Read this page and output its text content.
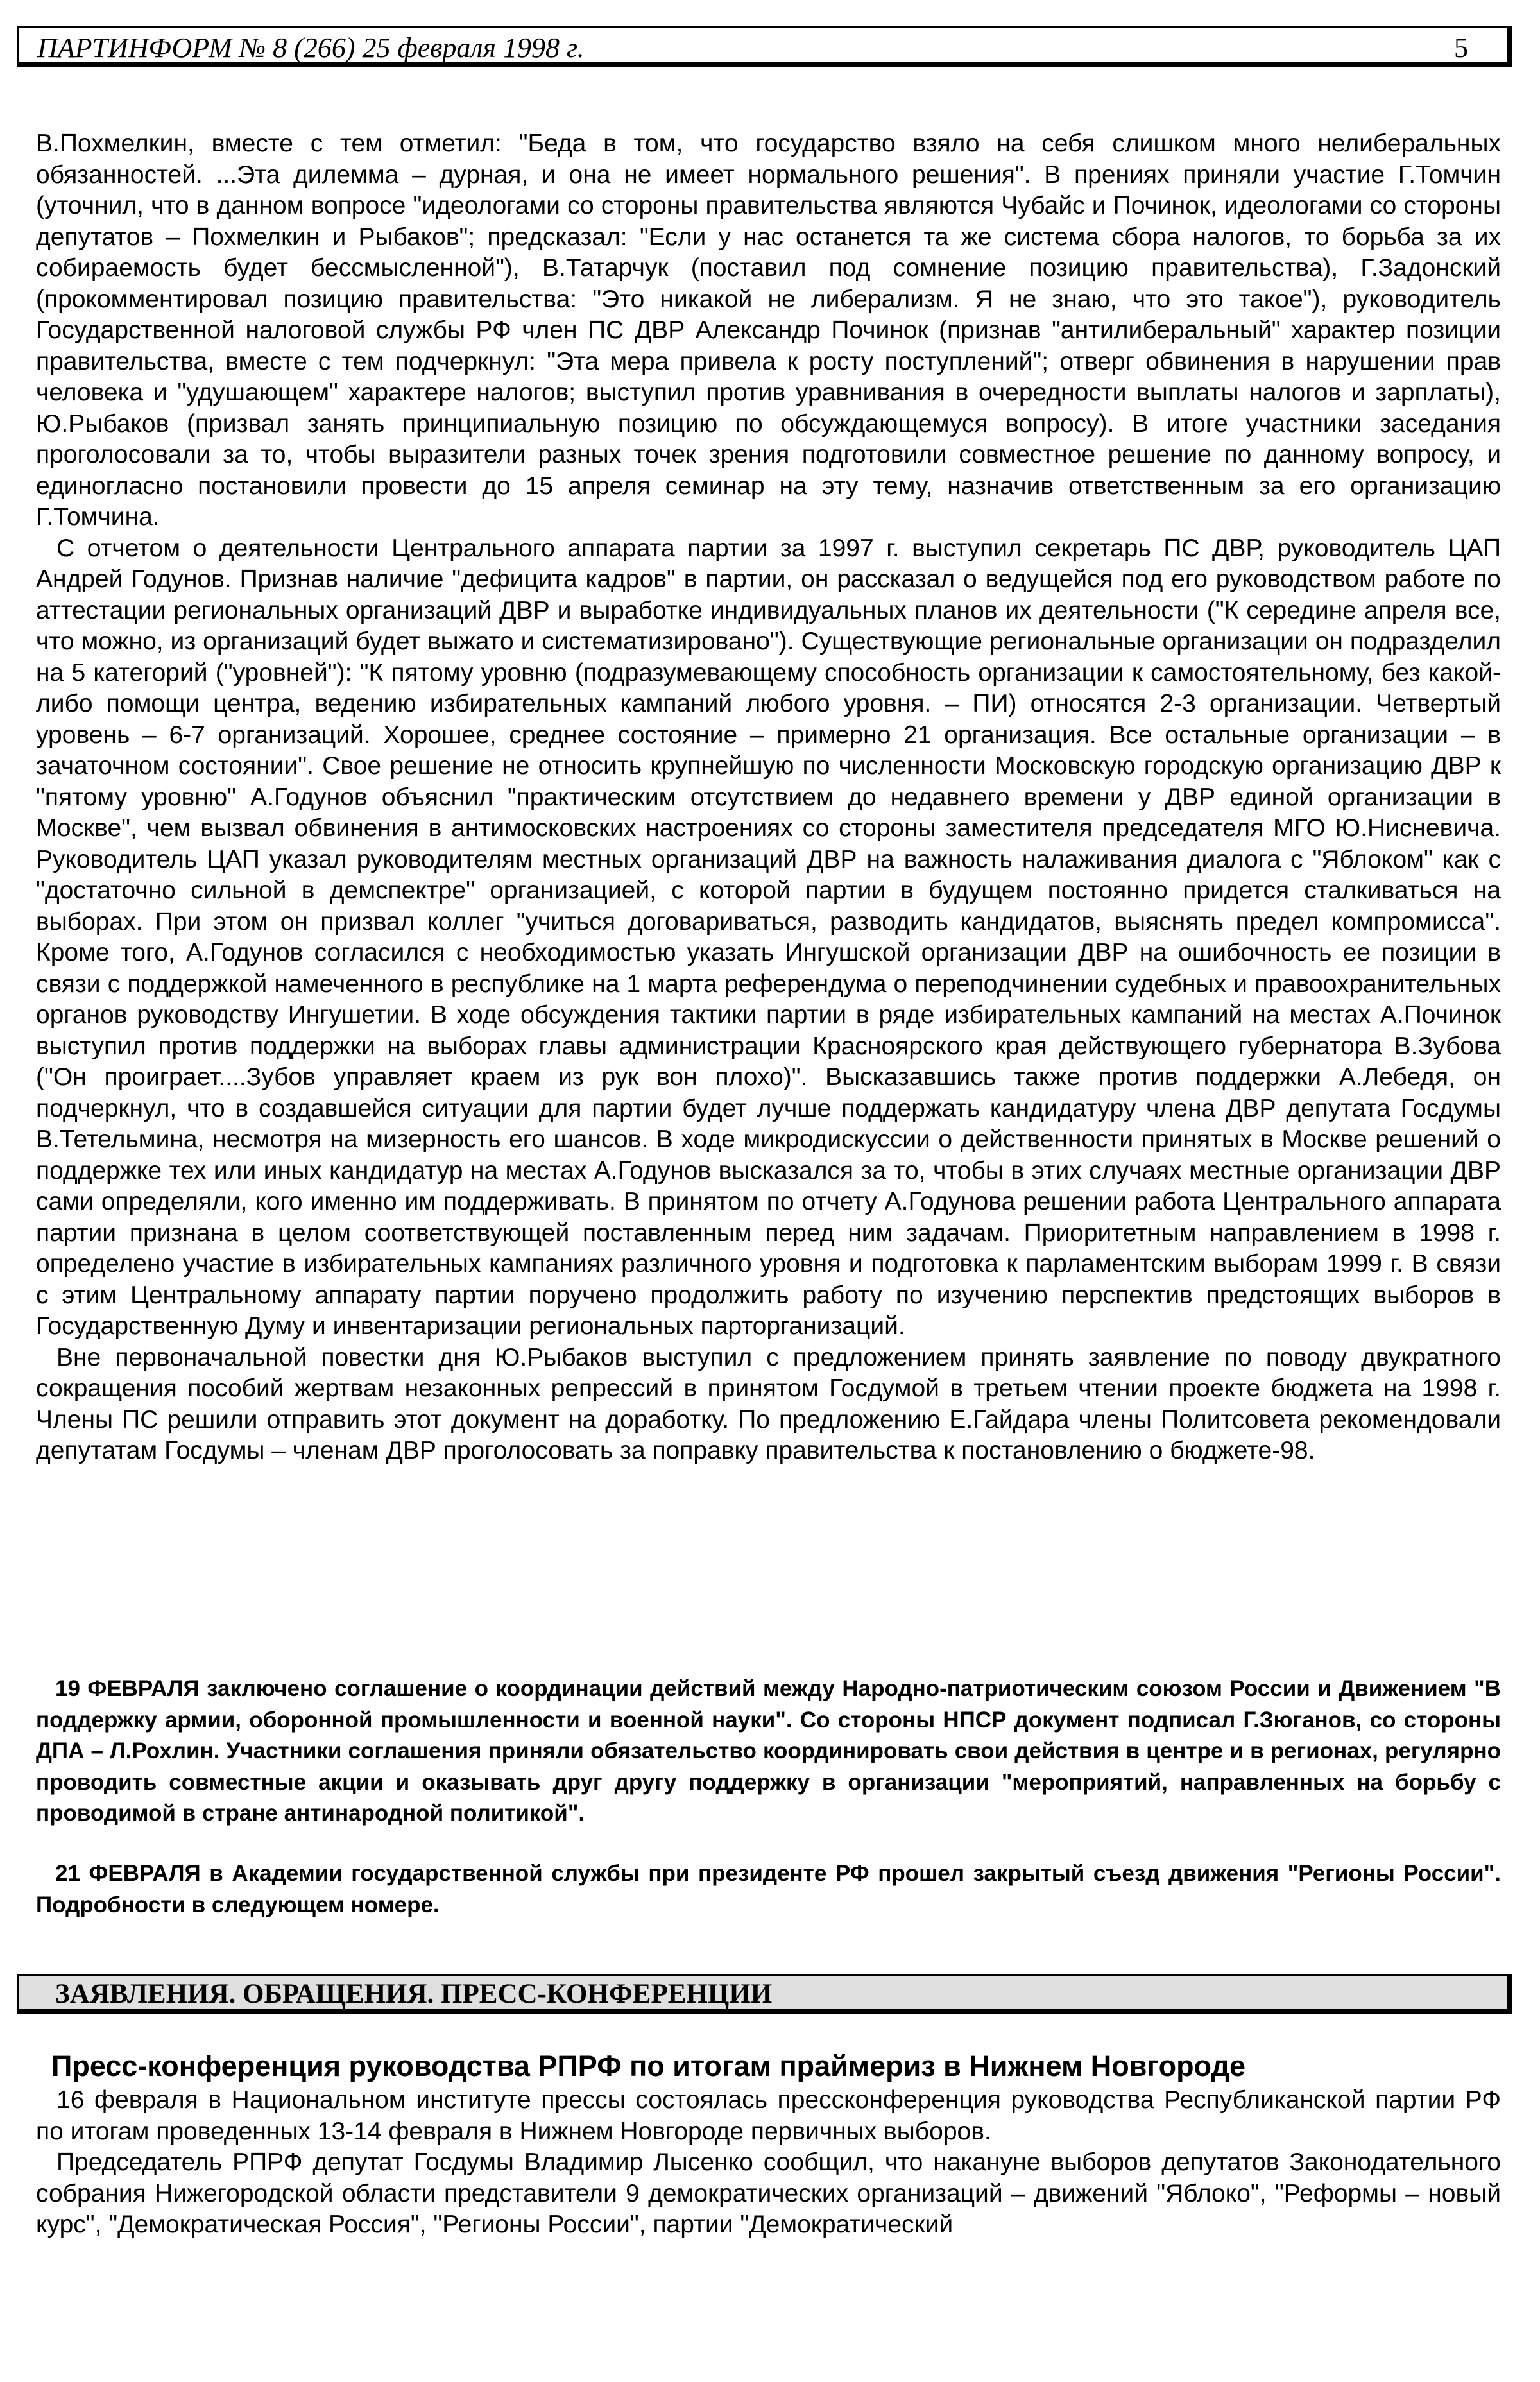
ПАРТИНФОРМ № 8 (266) 25 февраля 1998 г.	5

В.Похмелкин, вместе с тем отметил: "Беда в том, что государство взяло на себя слишком много нелиберальных обязанностей. ...Эта дилемма – дурная, и она не имеет нормального решения". В прениях приняли участие Г.Томчин (уточнил, что в данном вопросе "идеологами со стороны правительства являются Чубайс и Починок, идеологами со стороны депутатов – Похмелкин и Рыбаков"; предсказал: "Если у нас останется та же система сбора налогов, то борьба за их собираемость будет бессмысленной"), В.Татарчук (поставил под сомнение позицию правительства), Г.Задонский (прокомментировал позицию правительства: "Это никакой не либерализм. Я не знаю, что это такое"), руководитель Государственной налоговой службы РФ член ПС ДВР Александр Починок (признав "антилиберальный" характер позиции правительства, вместе с тем подчеркнул: "Эта мера привела к росту поступлений"; отверг обвинения в нарушении прав человека и "удушающем" характере налогов; выступил против уравнивания в очередности выплаты налогов и зарплаты), Ю.Рыбаков (призвал занять принципиальную позицию по обсуждающемуся вопросу). В итоге участники заседания проголосовали за то, чтобы выразители разных точек зрения подготовили совместное решение по данному вопросу, и единогласно постановили провести до 15 апреля семинар на эту тему, назначив ответственным за его организацию Г.Томчина.

С отчетом о деятельности Центрального аппарата партии за 1997 г. выступил секретарь ПС ДВР, руководитель ЦАП Андрей Годунов. Признав наличие "дефицита кадров" в партии, он рассказал о ведущейся под его руководством работе по аттестации региональных организаций ДВР и выработке индивидуальных планов их деятельности ("К середине апреля все, что можно, из организаций будет выжато и систематизировано"). Существующие региональные организации он подразделил на 5 категорий ("уровней"): "К пятому уровню (подразумевающему способность организации к самостоятельному, без какой-либо помощи центра, ведению избирательных кампаний любого уровня. – ПИ) относятся 2-3 организации. Четвертый уровень – 6-7 организаций. Хорошее, среднее состояние – примерно 21 организация. Все остальные организации – в зачаточном состоянии". Свое решение не относить крупнейшую по численности Московскую городскую организацию ДВР к "пятому уровню" А.Годунов объяснил "практическим отсутствием до недавнего времени у ДВР единой организации в Москве", чем вызвал обвинения в антимосковских настроениях со стороны заместителя председателя МГО Ю.Нисневича. Руководитель ЦАП указал руководителям местных организаций ДВР на важность налаживания диалога с "Яблоком" как с "достаточно сильной в демспектре" организацией, с которой партии в будущем постоянно придется сталкиваться на выборах. При этом он призвал коллег "учиться договариваться, разводить кандидатов, выяснять предел компромисса". Кроме того, А.Годунов согласился с необходимостью указать Ингушской организации ДВР на ошибочность ее позиции в связи с поддержкой намеченного в республике на 1 марта референдума о переподчинении судебных и правоохранительных органов руководству Ингушетии. В ходе обсуждения тактики партии в ряде избирательных кампаний на местах А.Починок выступил против поддержки на выборах главы администрации Красноярского края действующего губернатора В.Зубова ("Он проиграет....Зубов управляет краем из рук вон плохо)". Высказавшись также против поддержки А.Лебедя, он подчеркнул, что в создавшейся ситуации для партии будет лучше поддержать кандидатуру члена ДВР депутата Госдумы В.Тетельмина, несмотря на мизерность его шансов. В ходе микродискуссии о действенности принятых в Москве решений о поддержке тех или иных кандидатур на местах А.Годунов высказался за то, чтобы в этих случаях местные организации ДВР сами определяли, кого именно им поддерживать. В принятом по отчету А.Годунова решении работа Центрального аппарата партии признана в целом соответствующей поставленным перед ним задачам. Приоритетным направлением в 1998 г. определено участие в избирательных кампаниях различного уровня и подготовка к парламентским выборам 1999 г. В связи с этим Центральному аппарату партии поручено продолжить работу по изучению перспектив предстоящих выборов в Государственную Думу и инвентаризации региональных парторганизаций.

Вне первоначальной повестки дня Ю.Рыбаков выступил с предложением принять заявление по поводу двукратного сокращения пособий жертвам незаконных репрессий в принятом Госдумой в третьем чтении проекте бюджета на 1998 г. Члены ПС решили отправить этот документ на доработку. По предложению Е.Гайдара члены Политсовета рекомендовали депутатам Госдумы – членам ДВР проголосовать за поправку правительства к постановлению о бюджете-98.

19 ФЕВРАЛЯ заключено соглашение о координации действий между Народно-патриотическим союзом России и Движением "В поддержку армии, оборонной промышленности и военной науки". Со стороны НПСР документ подписал Г.Зюганов, со стороны ДПА – Л.Рохлин. Участники соглашения приняли обязательство координировать свои действия в центре и в регионах, регулярно проводить совместные акции и оказывать друг другу поддержку в организации "мероприятий, направленных на борьбу с проводимой в стране антинародной политикой".

21 ФЕВРАЛЯ в Академии государственной службы при президенте РФ прошел закрытый съезд движения "Регионы России". Подробности в следующем номере.

ЗАЯВЛЕНИЯ. ОБРАЩЕНИЯ. ПРЕСС-КОНФЕРЕНЦИИ
Пресс-конференция руководства РПРФ по итогам праймериз в Нижнем Новгороде

16 февраля в Национальном институте прессы состоялась прессконференция руководства Республиканской партии РФ по итогам проведенных 13-14 февраля в Нижнем Новгороде первичных выборов.

Председатель РПРФ депутат Госдумы Владимир Лысенко сообщил, что накануне выборов депутатов Законодательного собрания Нижегородской области представители 9 демократических организаций – движений "Яблоко", "Реформы – новый курс", "Демократическая Россия", "Регионы России", партии "Демократический
